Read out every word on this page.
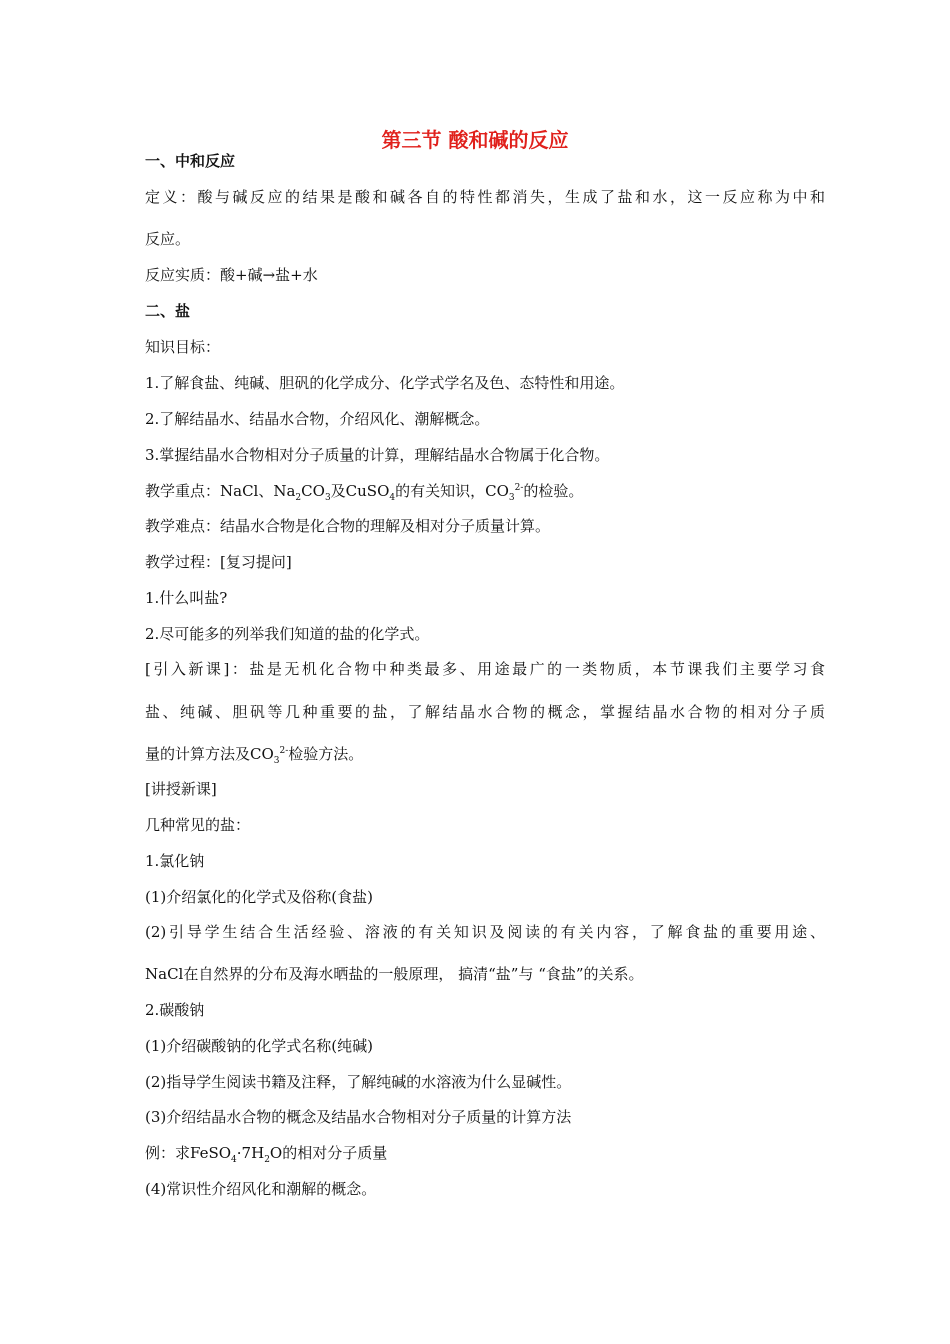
第三节 酸和碱的反应
一、中和反应
定义：酸与碱反应的结果是酸和碱各自的特性都消失，生成了盐和水，这一反应称为中和
反应。
反应实质：酸+碱→盐+水
二、盐
知识目标：
1.了解食盐、纯碱、胆矾的化学成分、化学式学名及色、态特性和用途。
2.了解结晶水、结晶水合物，介绍风化、潮解概念。
3.掌握结晶水合物相对分子质量的计算，理解结晶水合物属于化合物。
教学重点：NaCl、$Na_2CO_3$及CuSO$_4$的有关知识，$CO_3^{2-}$的检验。
教学难点：结晶水合物是化合物的理解及相对分子质量计算。
教学过程：[复习提问]
1.什么叫盐?
2.尽可能多的列举我们知道的盐的化学式。
[引入新课]：盐是无机化合物中种类最多、用途最广的一类物质，本节课我们主要学习食
盐、纯碱、胆矾等几种重要的盐，了解结晶水合物的概念，掌握结晶水合物的相对分子质
量的计算方法及$CO_3^{2-}$检验方法。
[讲授新课]
几种常见的盐：
1.氯化钠
(1)介绍氯化的化学式及俗称(食盐)
(2)引导学生结合生活经验、溶液的有关知识及阅读的有关内容，了解食盐的重要用途、
NaCl在自然界的分布及海水晒盐的一般原理， 搞清“盐”与 “食盐”的关系。
2.碳酸钠
(1)介绍碳酸钠的化学式名称(纯碱)
(2)指导学生阅读书籍及注释，了解纯碱的水溶液为什么显碱性。
(3)介绍结晶水合物的概念及结晶水合物相对分子质量的计算方法
例：求$FeSO_4\cdot 7H_2O$的相对分子质量
(4)常识性介绍风化和潮解的概念。
